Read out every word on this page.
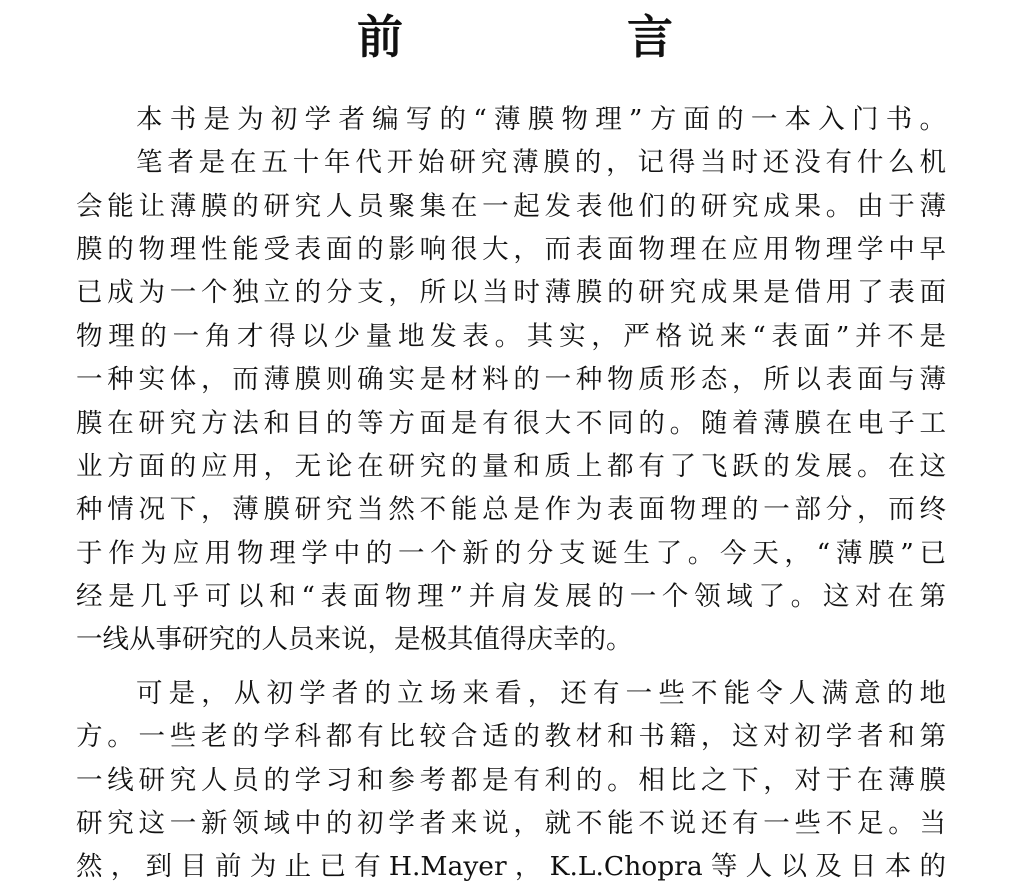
前 言
本书是为初学者编写的“薄膜物理”方面的一本入门书。
笔者是在五十年代开始研究薄膜的，记得当时还没有什么机
会能让薄膜的研究人员聚集在一起发表他们的研究成果。由于薄
膜的物理性能受表面的影响很大，而表面物理在应用物理学中早
已成为一个独立的分支，所以当时薄膜的研究成果是借用了表面
物理的一角才得以少量地发表。其实，严格说来“表面”并不是
一种实体，而薄膜则确实是材料的一种物质形态，所以表面与薄
膜在研究方法和目的等方面是有很大不同的。随着薄膜在电子工
业方面的应用，无论在研究的量和质上都有了飞跃的发展。在这
种情况下，薄膜研究当然不能总是作为表面物理的一部分，而终
于作为应用物理学中的一个新的分支诞生了。今天，“薄膜”已
经是几乎可以和“表面物理”并肩发展的一个领域了。这对在第
一线从事研究的人员来说，是极其值得庆幸的。
可是，从初学者的立场来看，还有一些不能令人满意的地
方。一些老的学科都有比较合适的教材和书籍，这对初学者和第
一线研究人员的学习和参考都是有利的。相比之下，对于在薄膜
研究这一新领域中的初学者来说，就不能不说还有一些不足。当
然，到目前为止已有H.Mayer，K.L.Chopra等人以及日本的
